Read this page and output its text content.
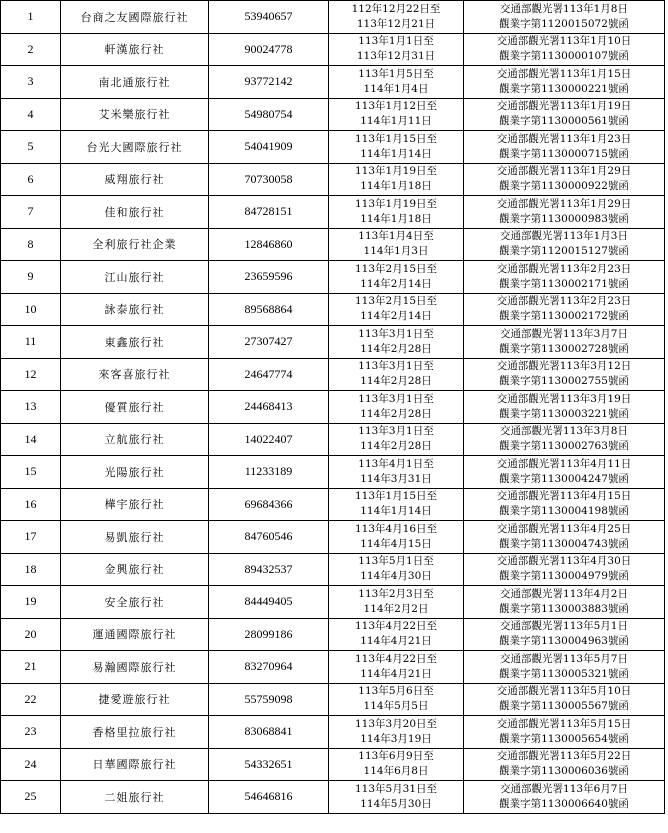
1	台商之友國際旅行社	53940657	112年12月22日至
113年12月21日	交通部觀光署113年1月8日
觀業字第1120015072號函

2	軒漢旅行社	90024778	113年1月1日至
113年12月31日	交通部觀光署113年1月10日
觀業字第1130000107號函

3	南北通旅行社	93772142	113年1月5日至
114年1月4日	交通部觀光署113年1月15日
觀業字第1130000221號函

4	艾米樂旅行社	54980754	113年1月12日至
114年1月11日	交通部觀光署113年1月19日
觀業字第1130000561號函

5	台光大國際旅行社	54041909	113年1月15日至
114年1月14日	交通部觀光署113年1月23日
觀業字第1130000715號函

6	威翔旅行社	70730058	113年1月19日至
114年1月18日	交通部觀光署113年1月29日
觀業字第1130000922號函

7	佳和旅行社	84728151	113年1月19日至
114年1月18日	交通部觀光署113年1月29日
觀業字第1130000983號函

8	全利旅行社企業	12846860	113年1月4日至
114年1月3日	交通部觀光署113年1月3日
觀業字第1120015127號函

9	江山旅行社	23659596	113年2月15日至
114年2月14日	交通部觀光署113年2月23日
觀業字第1130002171號函

10	詠泰旅行社	89568864	113年2月15日至
114年2月14日	交通部觀光署113年2月23日
觀業字第1130002172號函

11	東鑫旅行社	27307427	113年3月1日至
114年2月28日	交通部觀光署113年3月7日
觀業字第1130002728號函

12	來客喜旅行社	24647774	113年3月1日至
114年2月28日	交通部觀光署113年3月12日
觀業字第1130002755號函

13	優質旅行社	24468413	113年3月1日至
114年2月28日	交通部觀光署113年3月19日
觀業字第1130003221號函

14	立航旅行社	14022407	113年3月1日至
114年2月28日	交通部觀光署113年3月8日
觀業字第1130002763號函

15	光陽旅行社	11233189	113年4月1日至
114年3月31日	交通部觀光署113年4月11日
觀業字第1130004247號函

16	樺宇旅行社	69684366	113年1月15日至
114年1月14日	交通部觀光署113年4月15日
觀業字第1130004198號函

17	易凱旅行社	84760546	113年4月16日至
114年4月15日	交通部觀光署113年4月25日
觀業字第1130004743號函

18	金興旅行社	89432537	113年5月1日至
114年4月30日	交通部觀光署113年4月30日
觀業字第1130004979號函

19	安全旅行社	84449405	113年2月3日至
114年2月2日	交通部觀光署113年4月2日
觀業字第1130003883號函

20	運通國際旅行社	28099186	113年4月22日至
114年4月21日	交通部觀光署113年5月1日
觀業字第1130004963號函

21	易瀚國際旅行社	83270964	113年4月22日至
114年4月21日	交通部觀光署113年5月7日
觀業字第1130005321號函

22	捷愛遊旅行社	55759098	113年5月6日至
114年5月5日	交通部觀光署113年5月10日
觀業字第1130005567號函

23	香格里拉旅行社	83068841	113年3月20日至
114年3月19日	交通部觀光署113年5月15日
觀業字第1130005654號函

24	日華國際旅行社	54332651	113年6月9日至
114年6月8日	交通部觀光署113年5月22日
觀業字第1130006036號函

25	二姐旅行社	54646816	113年5月31日至
114年5月30日	交通部觀光署113年6月7日
觀業字第1130006640號函
